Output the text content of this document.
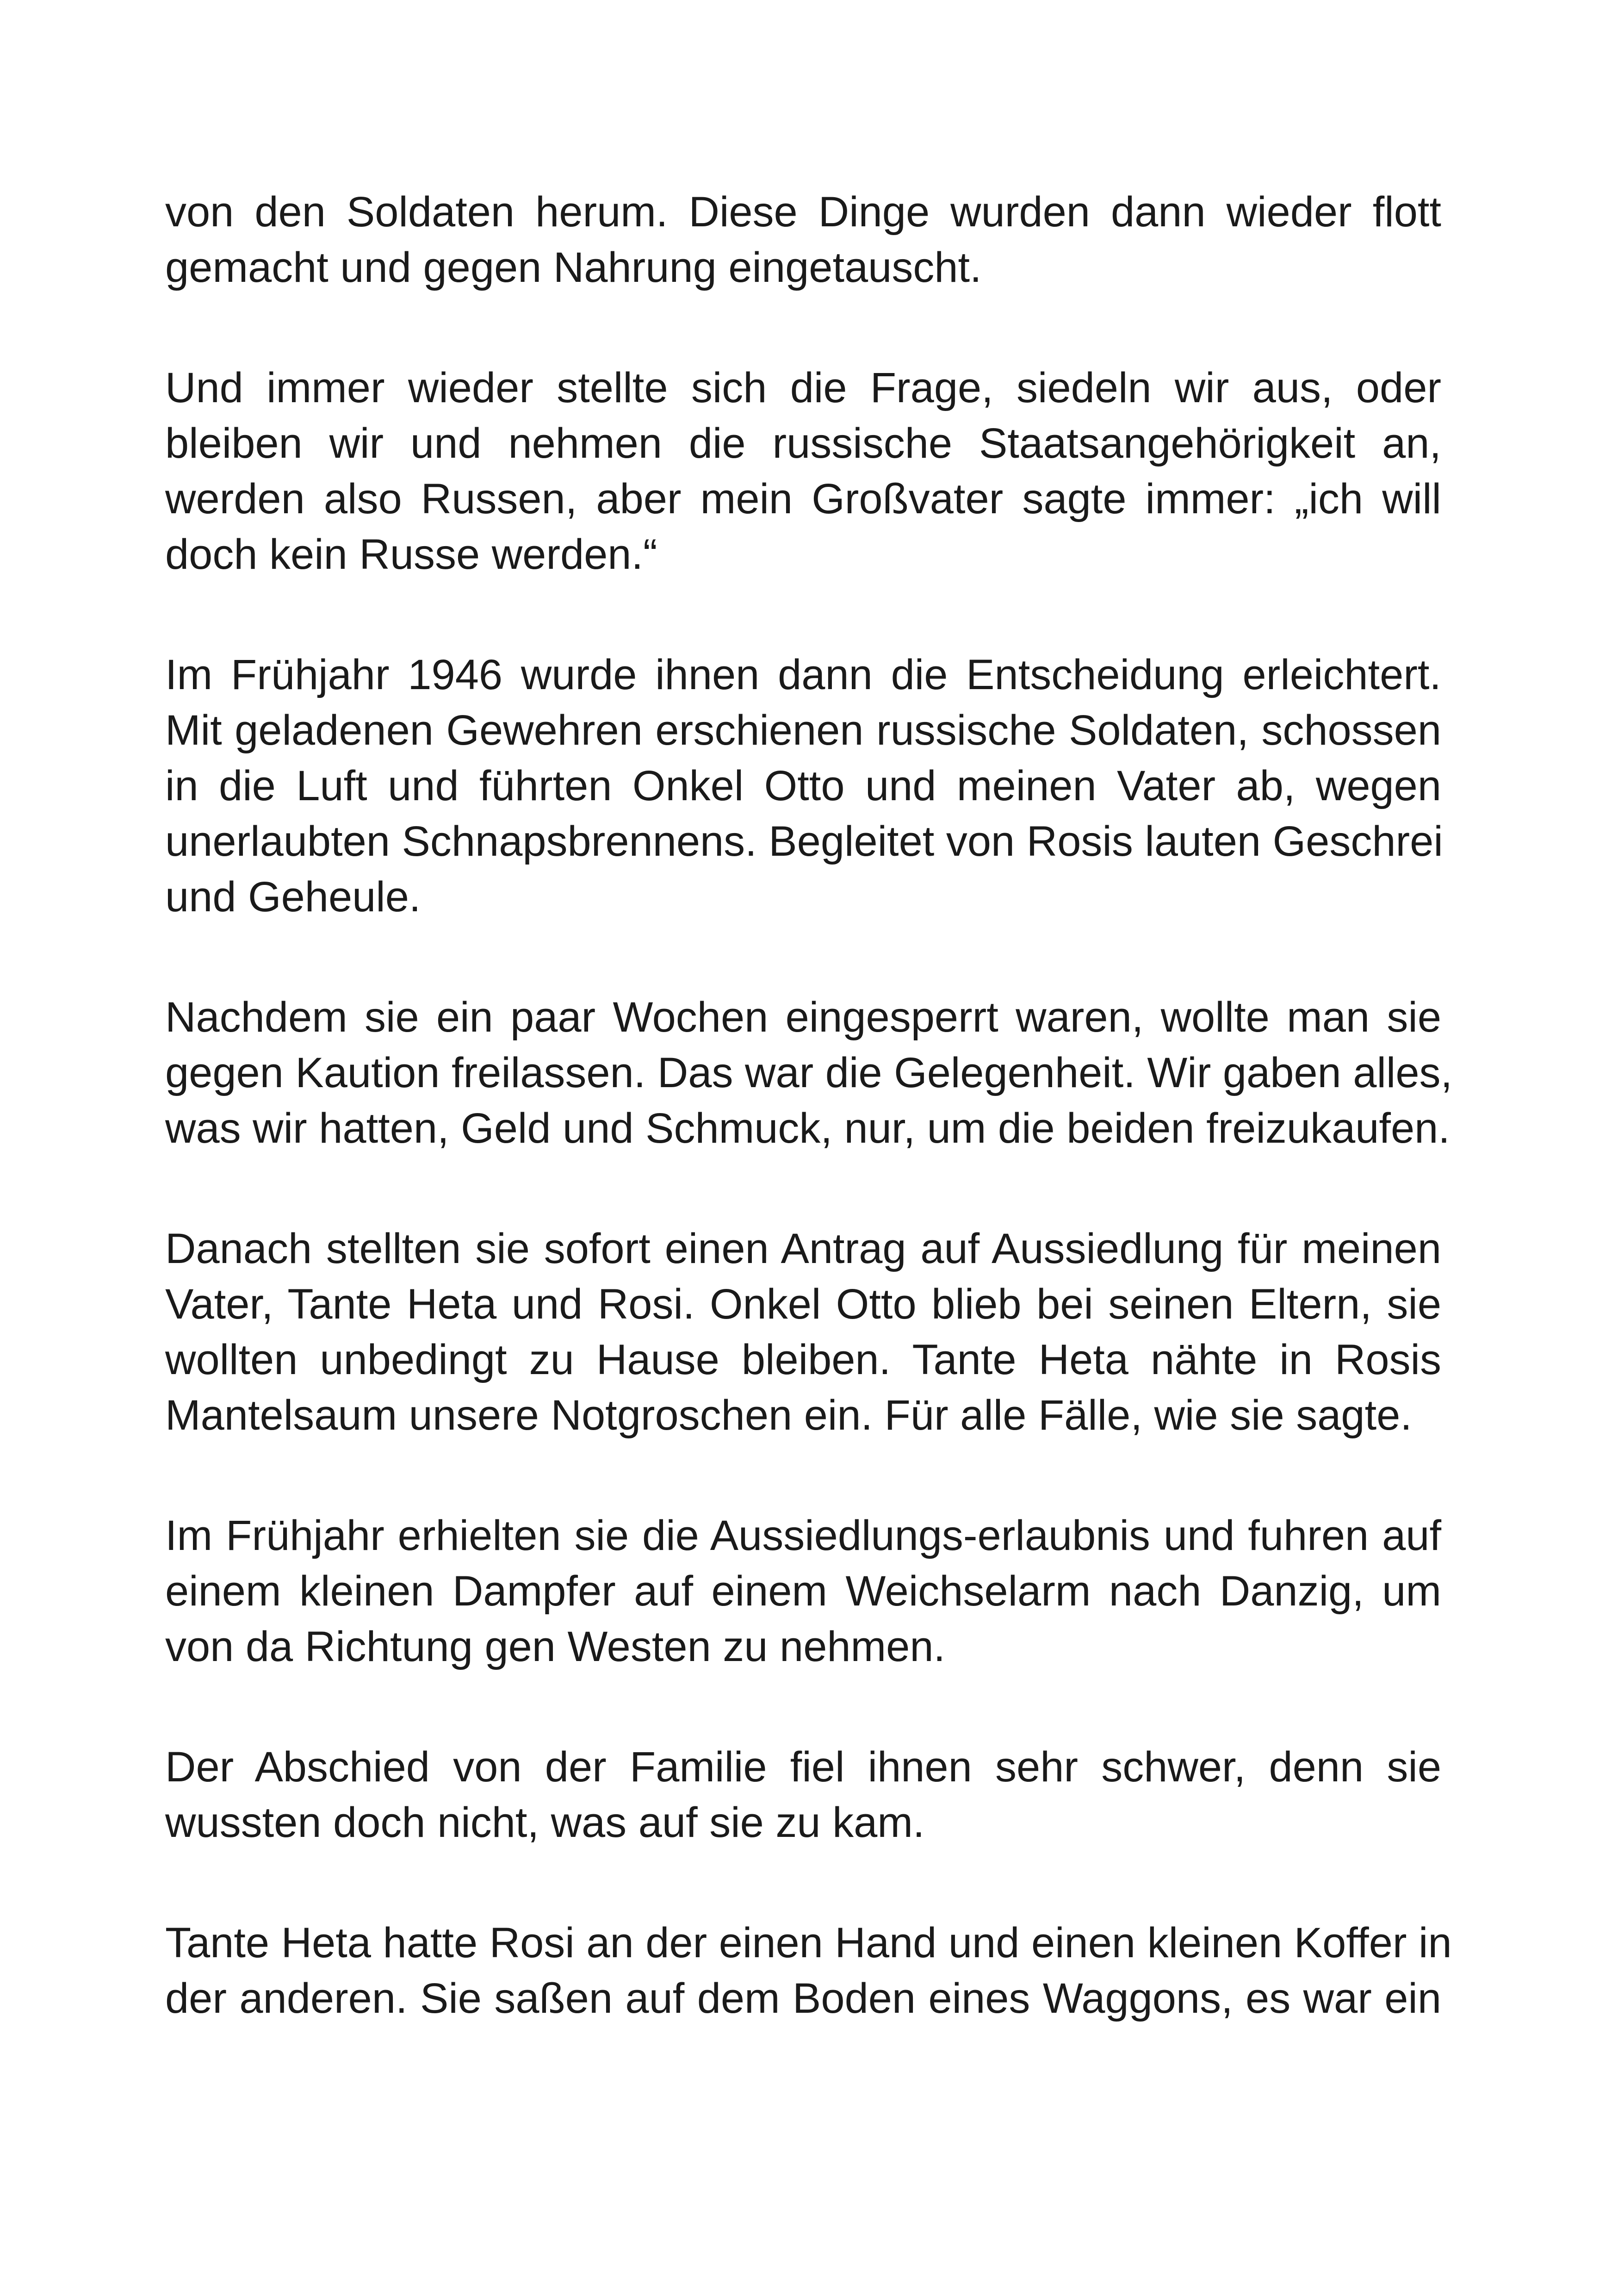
von den Soldaten herum. Diese Dinge wurden dann wieder flott
gemacht und gegen Nahrung eingetauscht.

Und immer wieder stellte sich die Frage, siedeln wir aus, oder
bleiben wir und nehmen die russische Staatsangehörigkeit an,
werden also Russen, aber mein Großvater sagte immer: „ich will
doch kein Russe werden.“

Im Frühjahr 1946 wurde ihnen dann die Entscheidung erleichtert.
Mit geladenen Gewehren erschienen russische Soldaten, schossen
in die Luft und führten Onkel Otto und meinen Vater ab, wegen
unerlaubten Schnapsbrennens. Begleitet von Rosis lauten Geschrei
und Geheule.

Nachdem sie ein paar Wochen eingesperrt waren, wollte man sie
gegen Kaution freilassen. Das war die Gelegenheit. Wir gaben alles,
was wir hatten, Geld und Schmuck, nur, um die beiden freizukaufen.

Danach stellten sie sofort einen Antrag auf Aussiedlung für meinen
Vater, Tante Heta und Rosi. Onkel Otto blieb bei seinen Eltern, sie
wollten unbedingt zu Hause bleiben. Tante Heta nähte in Rosis
Mantelsaum unsere Notgroschen ein. Für alle Fälle, wie sie sagte.

Im Frühjahr erhielten sie die Aussiedlungs-erlaubnis und fuhren auf
einem kleinen Dampfer auf einem Weichselarm nach Danzig, um
von da Richtung gen Westen zu nehmen.

Der Abschied von der Familie fiel ihnen sehr schwer, denn sie
wussten doch nicht, was auf sie zu kam.

Tante Heta hatte Rosi an der einen Hand und einen kleinen Koffer in
der anderen. Sie saßen auf dem Boden eines Waggons, es war ein
